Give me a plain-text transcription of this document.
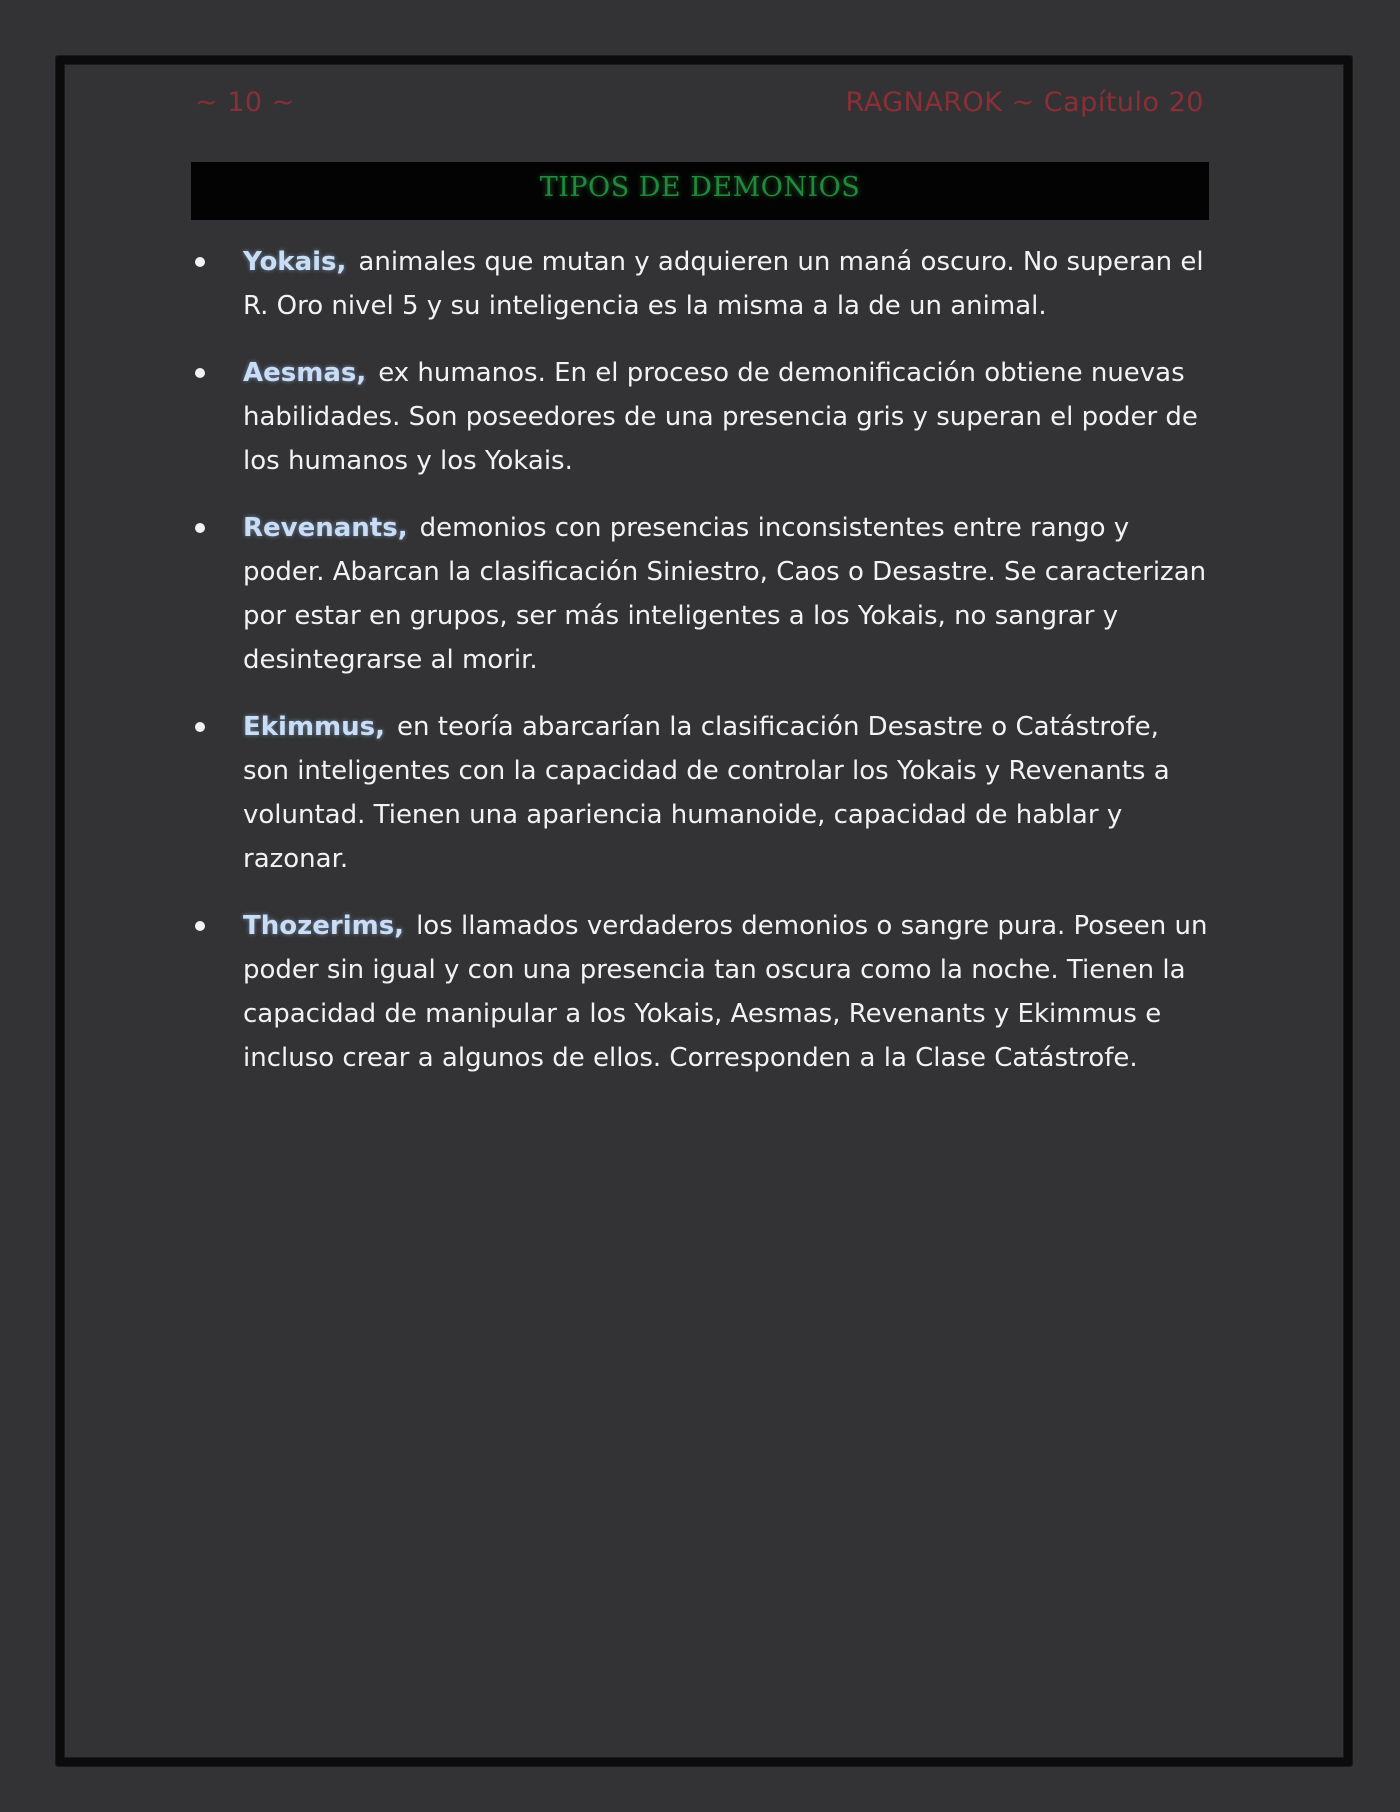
~ 10 ~	RAGNAROK ~ Capítulo 20
TIPOS DE DEMONIOS
Yokais, animales que mutan y adquieren un maná oscuro. No superan el R. Oro nivel 5 y su inteligencia es la misma a la de un animal.
Aesmas, ex humanos. En el proceso de demonificación obtiene nuevas habilidades. Son poseedores de una presencia gris y superan el poder de los humanos y los Yokais.
Revenants, demonios con presencias inconsistentes entre rango y poder. Abarcan la clasificación Siniestro, Caos o Desastre. Se caracterizan por estar en grupos, ser más inteligentes a los Yokais, no sangrar y desintegrarse al morir.
Ekimmus, en teoría abarcarían la clasificación Desastre o Catástrofe, son inteligentes con la capacidad de controlar los Yokais y Revenants a voluntad. Tienen una apariencia humanoide, capacidad de hablar y razonar.
Thozerims, los llamados verdaderos demonios o sangre pura. Poseen un poder sin igual y con una presencia tan oscura como la noche. Tienen la capacidad de manipular a los Yokais, Aesmas, Revenants y Ekimmus e incluso crear a algunos de ellos. Corresponden a la Clase Catástrofe.
